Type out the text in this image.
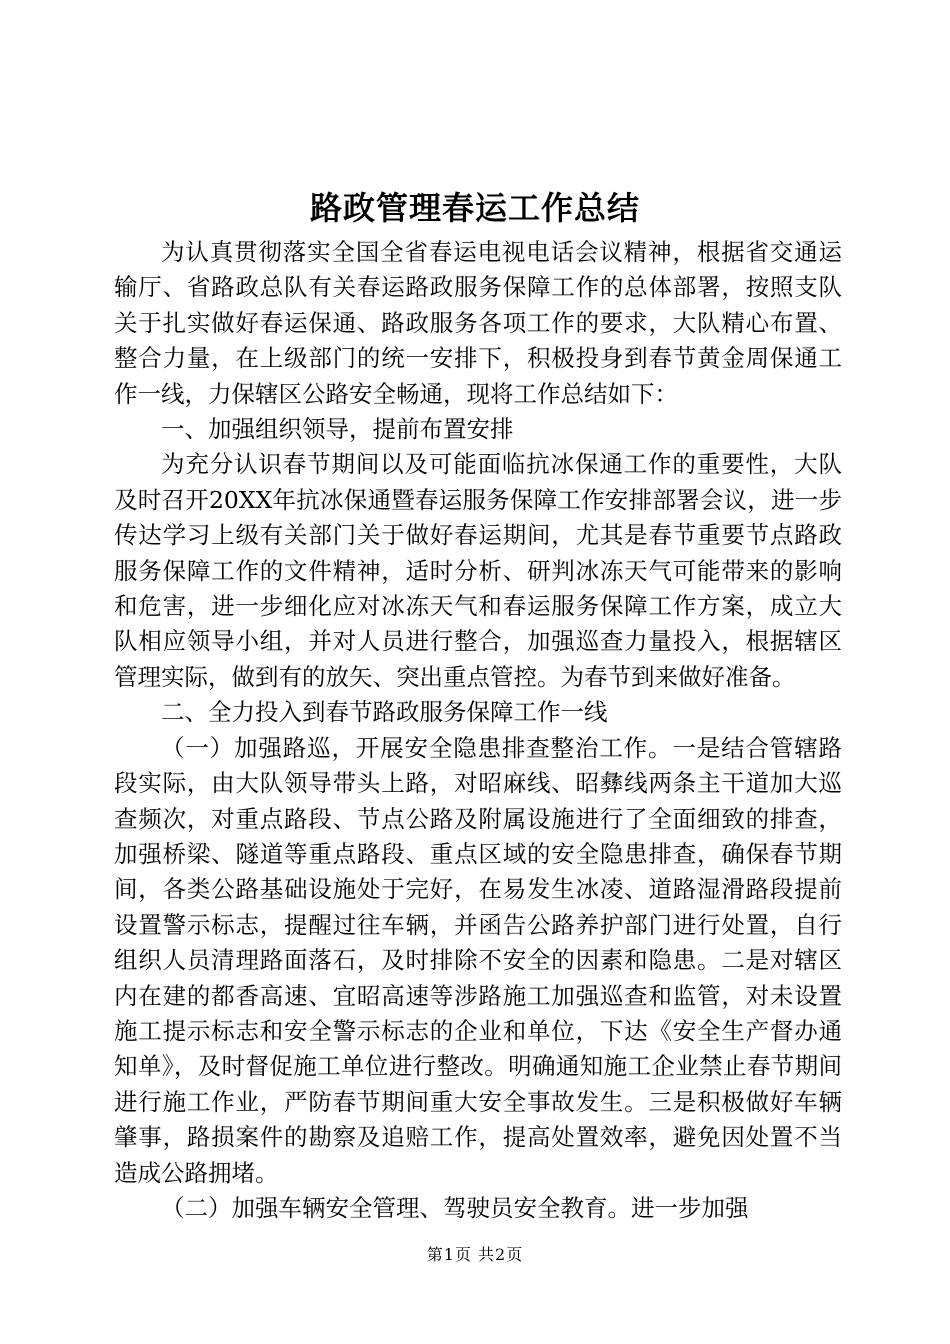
路政管理春运工作总结

为认真贯彻落实全国全省春运电视电话会议精神，根据省交通运输厅、省路政总队有关春运路政服务保障工作的总体部署，按照支队关于扎实做好春运保通、路政服务各项工作的要求，大队精心布置、整合力量，在上级部门的统一安排下，积极投身到春节黄金周保通工作一线，力保辖区公路安全畅通，现将工作总结如下：

一、加强组织领导，提前布置安排

为充分认识春节期间以及可能面临抗冰保通工作的重要性，大队及时召开20XX年抗冰保通暨春运服务保障工作安排部署会议，进一步传达学习上级有关部门关于做好春运期间，尤其是春节重要节点路政服务保障工作的文件精神，适时分析、研判冰冻天气可能带来的影响和危害，进一步细化应对冰冻天气和春运服务保障工作方案，成立大队相应领导小组，并对人员进行整合，加强巡查力量投入，根据辖区管理实际，做到有的放矢、突出重点管控。为春节到来做好准备。

二、全力投入到春节路政服务保障工作一线

（一）加强路巡，开展安全隐患排查整治工作。一是结合管辖路段实际，由大队领导带头上路，对昭麻线、昭彝线两条主干道加大巡查频次，对重点路段、节点公路及附属设施进行了全面细致的排查，加强桥梁、隧道等重点路段、重点区域的安全隐患排查，确保春节期间，各类公路基础设施处于完好，在易发生冰凌、道路湿滑路段提前设置警示标志，提醒过往车辆，并函告公路养护部门进行处置，自行组织人员清理路面落石，及时排除不安全的因素和隐患。二是对辖区内在建的都香高速、宜昭高速等涉路施工加强巡查和监管，对未设置施工提示标志和安全警示标志的企业和单位，下达《安全生产督办通知单》，及时督促施工单位进行整改。明确通知施工企业禁止春节期间进行施工作业，严防春节期间重大安全事故发生。三是积极做好车辆肇事，路损案件的勘察及追赔工作，提高处置效率，避免因处置不当造成公路拥堵。

（二）加强车辆安全管理、驾驶员安全教育。进一步加强

第1页 共2页
